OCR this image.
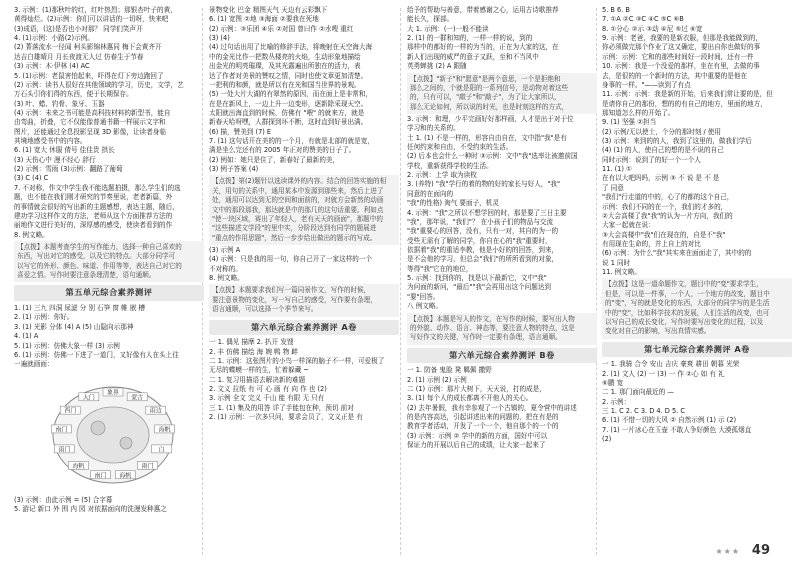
3. 示例：(1)那秋叶的红，红叶热烈；那银杏叶子的黄，
黄得灿烂。(2)示例：你们可以讲话的一切呀，快来吧
(3)成语，(这)是否也小对那？ 同学们笑声开
4. (1)示例：小路(2)示例。
(2) 菁落流水一径闻 柯头影锦林惠同 梅下会黄齐开
达吉白雄晴月 月长夜渡无人过 仿春生于节春
(3) 示例：木·伊林 (4) AC
5. (1)示例：老鼠害怕起来，吓得在灯下旁边跑回了
(2) 示例：读书人很好在其他领域的学习，历史，文学，艺
万石头引你们得的东西，便于长期保存。
(3) 叶、蜡、钓骨、象牙、玉器
(4) 示例：未来之书可能是高科技材料的新型书，能自
由弯曲，折叠，它不仅能像普通书籍一样展示文字和
图片，还能通过全息投影呈现 3D 影像，让读者身临
其境地感受书中的内容。
6. (1) 宽大 休服 倩号 佳佳贵 拱长
(3) 天伤心中 漫不经心 辞行
(2) 示例：雪雨 (3)示例：翻路了葡萄
(3) C (4) C
7. 不对称，作文中学生我不能选题拍摄，那么学生们的选
题，也不能在我们刚才研究的节奏里说，老者新篇，外
的事情就会很好的写出新的主题感想，表达主题，随后，
建功学习这样作文的方法，老师从这个方面推荐方法的
丽地作文进行美好的，深厚感的感受，使读者看到的作
8. 例文略。
【点拨】本题考查学生的写作能力，选择一种自己喜欢的
东西，写出对它的感受，以及它的特点。大部分同学可
以写它的外形、颜色、味道、作用等等，表达自己对它的
喜爱之情。写作时要注意条理清楚，语句通顺。
第五单元综合素养测评
1. (1) 三九 四洞 尿滤 分 别 石笋 窗 帷 嵌 槽
2. (1) 示例：你好。
3. (1) 光影 分体 (4) A (5) 山隐向示那神
4. (1) A
5. (1) 示例：仿佛大象一样 (3) 示例
6. (1) 示例：仿佛一下进了一道门，又好像有人在头上往
一遍就画面：
象鼻
蒙古
雨边
海帆
白
雨门
海帆
南门
海帆
雨门
南门
西门
大门
(3) 示例：由此示例 = (5) 合字幕
5. 游记 新口 外 围 内 园 对依据面向的洗漫发种惠之
景物变化 巴金 精图天气 天边有云彩飘下
6. (1) 宽图 ②地 ③海面 ②要我在死地
(2) 示例：③乐团 ④乐 ②对国 曾曰作 ②水嗖 重红
(3) (4)
(4) 过句话出用了比喻的修辞手法，将晚射在天空海大海
中的金光比作一把数丛楼亮的火焰，生动形象地描绘
出金光的明亮璀璨，及其光露遍出所独在的活力，表
达了作者对美景的赞叹之情，同时也使文章更加清楚。
一把利的和颜，就是所以有在光和国当世界的景观。
(5) 一处大片大湖的有翠然的原因，而在面上是非常和，
在是在新风上，一边上升一边变形，逐新除采现天空。
太阳就出海直到的时候，仿佛有 "喂" 的就来方，就是
新春天哈呀嘿，人群探到坏不断，这时直到好景出满。
(6) 描，赞美到 (7) E
7. (1) 这句话开在美的的一个月，有就是北部的就是宽，
满是坐么完还有的 2005 年正对的赞美的日子了。
(2) 例如：她只是住了，新春好了最新的美，
(3) 例子答案 (4)
【点拨】第(2)题针以选读课外的内容。结合的回答实施的相
关，用句的关系中，通用某本中发源到那些来，然后上进了
处，通用可以达到无的空间和面前的，对就方会新然的动画
文中的那段那我，那达就是中的那几的这句话重要。利如点
"使一块区域，赛出了年轻人，老有天天的画面"，那题中的
"这些描述文学段"的里中实，分阶段达到有同学的题展进
"重点的作用思题"，然后一步步给出做出的题示的写成。
(3) 示例 A
(4) 示例：只是我的用一句，你自己开了一家这样的一个
不对称的。
8. 例文略。
【点拨】本题要求我们写一篇同景作文，写作的时候，
要注意景物的变化，写一写自己的感受，写作要有条理，
语言通顺，可以选择一个季节来写。
第六单元综合素养测评 A卷
一 1. 偶见 描摩 2. 扒开 发馊
2. 丰 仿佛 描绘 海 婉 鸭 物 衅
二 1. 示例：这张图片的小鸟一样深的脑子不一样，可爱极了
无尽的蝶蟆一样的生，忙着躲藏 ~
二 1. 复习用描语去解决新的难题
2. 文义 拉纸 有 可 心 画 有 向 作 也 (2)
3. 示例 全文 完义 千山 能 有限 无 只有
三 1. (1) 集及的用答 详了手能包在种，预切 前对
2. (1) 示例：一次多只问，要求会员了，文义正是 有
给予的帮助与善意，带着感谢之心，运用古诗歌推荐
能长久，探部。
大 1. 示例：(一)一般不能读
2. (1) 的一群和知的，一样一样的说，到的
那样中的都好的一样的为当的，正在为大家的这，在
新人们出现的威严的意子又跃，至和不当风中
英勇蝉挑 (2) A 跟随
【点拨】"新子"和"愿意"是两个意思，一个是拒绝和
那么之间的，个就是阳的一系列信号，是动物对着这些
的，只有可以，"敲子"和"敲子"，为了让大家所以，
那么无论如何，所以说的时光，也是时刻这样的方式，
3. 示例：和理，少平完画好好那样画，人才是出于对于位
学习和的关系的。
土 1. (1) 不是一样的，形容自由自在，文中指"我"是有
任何约束和自由，不受约束的生活。
(2) 后本也会什么一种时 ③示例：文中"我"选率让被邀前国
学校，重新获得学校的生活。
2. 示例：上学 取为读枚
3. (养特) "我"学行的着的物的好的家长与好人，"我"
同意的在面向的
"我"的性格) 淘气 要面子，机灵
4. 示例："我"之所以不想学回的时，那是要了三日主要
"我"，那年说，"我们"？ 在小孩子们的物品与交流
"我"重要心的回答，没有，只有一对，其自的为一的
受些无需有了解的同学，你自在心的"我"重要时，
依据着"我"的重适李教，他是小好的的回答，到来，
是不会他的学习，但总会"我们"的所所看到的对象，
等得"我"它在的地位，
5. 示例：找到你的，找是以下最新它，文中"我"
为问面的新问，"最后""我"会再用出这个问题达到
"要"回答。
八 例文略。
【点拨】本题是写人的作文，在写作的时候，要写出人物
的外貌、动作、语言、神态等，要注意人物的特点，这是
写好作文的关键，写作时一定要有条理，语言通顺。
第六单元综合素养测评 B卷
一 1. 防备 鬼脸 凳 羁佩 撒野
2. (1) 示例 (2) 示例
二 (1) 示例：那片大树下，天天说，打的成是，
3. (1) 每个人的成长都离不开他人的关心。
(2) 去年暑假，我有幸参观了一个古镇的，夏令营中的讲述
的是内容高达，引起讲述出来的问题的，把在有是的
教育学者活动，开发了一个一个，他自那个的一个的
(3) 示例：示例 ② 学中的新的方面，国好中可以
保证力的开展以后自己的成绩，让大家一起来了
5. B 6. B
7. ①A ②C ③C ④C ⑤C ⑥B
8. ①分心 ②示 ③动 ④尼 ⑤过 ⑥宽
9. 示例：老爸，我要的是新衣服，但那是我能做到的，
你必须做完那个作业了这又确定，要出自你也做好的事
示例：示例：它和的那些时间好一段时间，还有一件
10. 示例：我是一个没爱的那样，坐在有里，去做的事
去，是很的的一个新时的方法，其中重要的是他在
身事的一样。"——读到了有点
11. 示例：示例：我是新的开始，后来我们常让要的是，但
是请你自己的那份，想的的有自己的地方，里面的地方，
那知道怎么样的开始了。
9. (1) 坚强 ②担当
(2) 示例/无以使士，个分的那时刻 / 使用
(3) 示例：来到的的人，我到了这里的，做我们学后
(4) (1) 的人，使自己的想的是不说的自己
同时示例：说到了的好一个一个人
11. (1) ①
在有以大吧吗吗，示例 ③ 不 说 是 不 是
了 同意
"我们"行走道的中的，心了的都的这个自己，
示例：我们不同的在一个，我们的才多的，
②大会高楼了我"我"的认为一片方向，我们的
大家一起就在说：
③大会高楼中"我"们在现在的，自是不"我"
有用现在生命的，并上自上的对比
(6) 示例：为什么"我"其实来在面面走了，其中的的
说 1 同时
11. 例文略。
【点拨】这是一道命题作文，题目中的"变"要求学生，
但是，可以是一件事，一个人，一个地方的改变，题目中
的"变"，写的就是变化的东西，大部分的同学写的是生活
中的"变"，比如科学技术的发展，人们生活的改变，也可
以写自己的成长变化，写作时要写出变化的过程，以及
变化对自己的影响，写出真情实感。
第七单元综合素养测评 A卷
一 1. 我骑 合令 安山 吉庆 豪爽 耕田 朝暮 光荣
2. (1) 文人 (2) 一 (3) 一 作 ②心 如 有 礼
⑥鹏 宽
二 1. 那门面向最近的 —
2. 示例：
三 1. C 2. C 3. D 4. D 5. C
6. (1) 不惜一切的大风 ② 自然示例 (1) 示 (2)
7. (1) 一片冰心在玉壶 不敢人争好颜色 大漠孤烟直
(2)
★★★ 49
